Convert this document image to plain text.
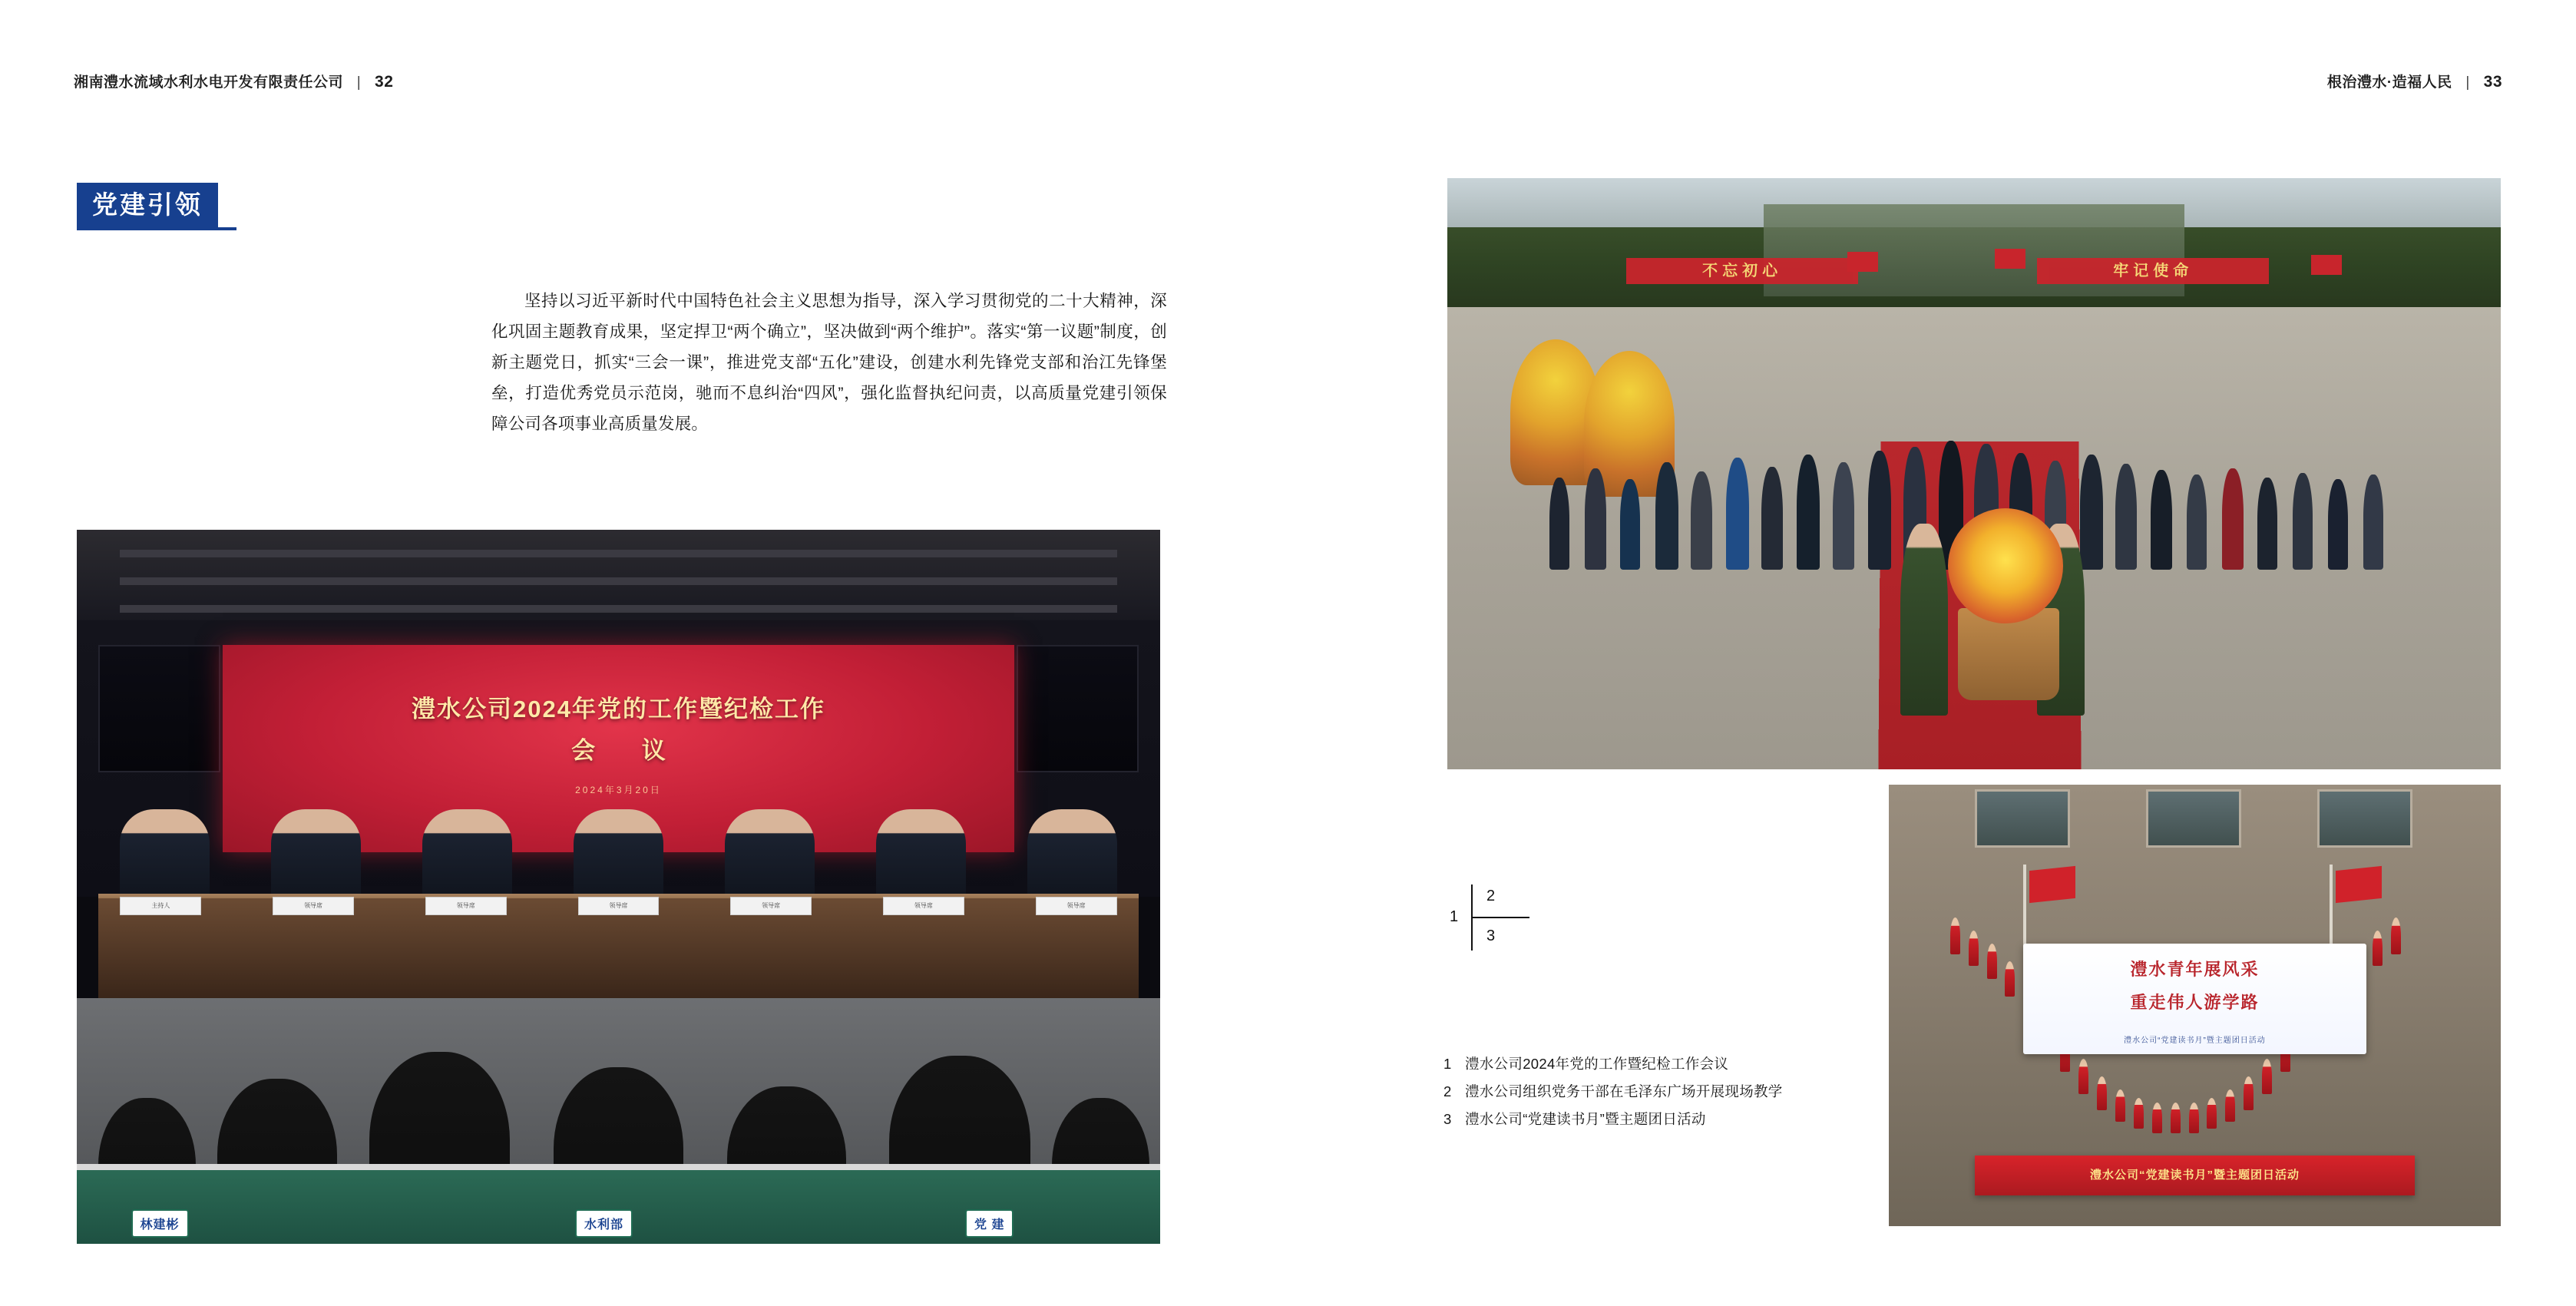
湘南澧水流域水利水电开发有限责任公司 | 32	根治澧水·造福人民 | 33
党建引领
坚持以习近平新时代中国特色社会主义思想为指导，深入学习贯彻党的二十大精神，深化巩固主题教育成果，坚定捍卫“两个确立”，坚决做到“两个维护”。落实“第一议题”制度，创新主题党日，抓实“三会一课”，推进党支部“五化”建设，创建水利先锋党支部和治江先锋堡垒，打造优秀党员示范岗，驰而不息纠治“四风”，强化监督执纪问责，以高质量党建引领保障公司各项事业高质量发展。
澧水公司2024年党的工作暨纪检工作
会 议
2024年3月20日
主持人	领导席	领导席	领导席	领导席	领导席	领导席
林建彬	水利部	党 建
不忘初心	牢记使命
澧水青年展风采
重走伟人游学路
澧水公司“党建读书月”暨主题团日活动
澧水公司“党建读书月”暨主题团日活动
1
2
3
1 澧水公司2024年党的工作暨纪检工作会议
2 澧水公司组织党务干部在毛泽东广场开展现场教学
3 澧水公司“党建读书月”暨主题团日活动
